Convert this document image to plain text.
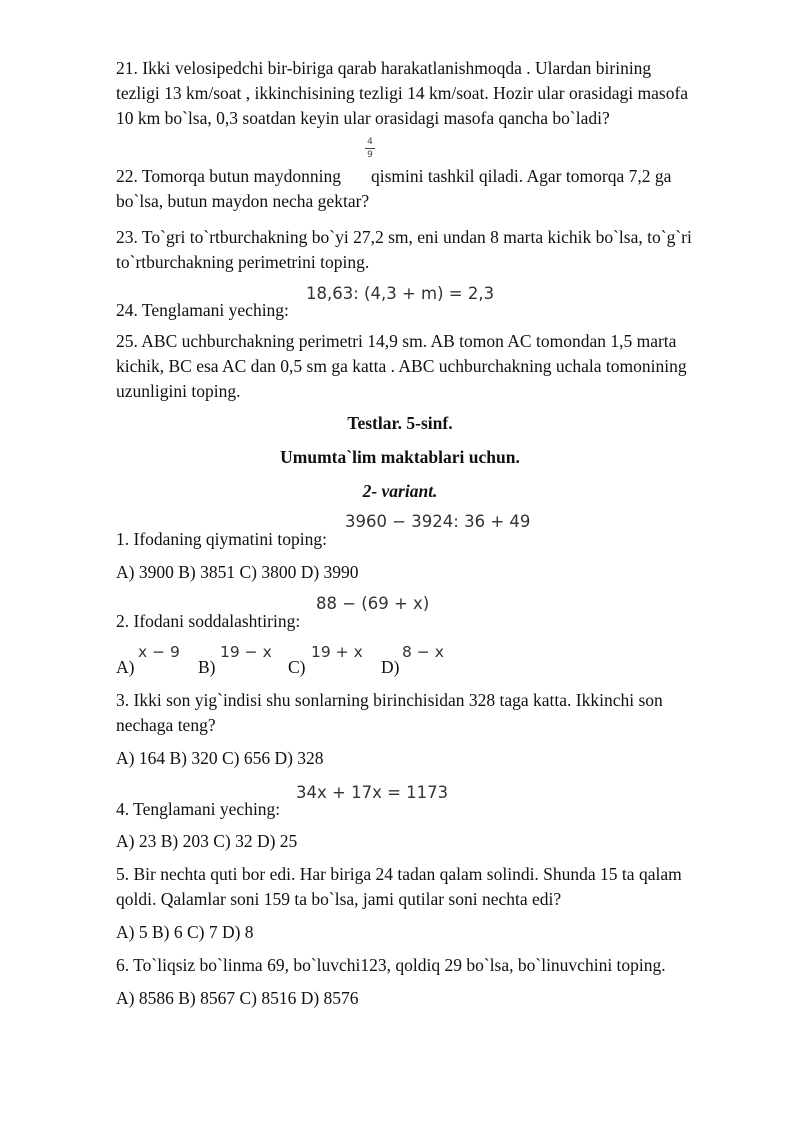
21. Ikki velosipedchi bir-biriga qarab harakatlanishmoqda . Ulardan birining
tezligi 13 km/soat , ikkinchisining tezligi 14 km/soat. Hozir ular orasidagi masofa
10 km bo`lsa, 0,3 soatdan keyin ular orasidagi masofa qancha bo`ladi?
4
9
22. Tomorqa butun maydonning qismini tashkil qiladi. Agar tomorqa 7,2 ga
bo`lsa, butun maydon necha gektar?
23. To`gri to`rtburchakning bo`yi 27,2 sm, eni undan 8 marta kichik bo`lsa, to`g`ri
to`rtburchakning perimetrini toping.
18,63: (4,3 + m) = 2,3
24. Tenglamani yeching:
25. ABC uchburchakning perimetri 14,9 sm. AB tomon AC tomondan 1,5 marta
kichik, BC esa AC dan 0,5 sm ga katta . ABC uchburchakning uchala tomonining
uzunligini toping.
Testlar. 5-sinf.
Umumta`lim maktablari uchun.
2- variant.
3960 − 3924: 36 + 49
1. Ifodaning qiymatini toping:
A) 3900 B) 3851 C) 3800 D) 3990
88 − (69 + x)
2. Ifodani soddalashtiring:
A)
x − 9
B)
19 − x
C)
19 + x
D)
8 − x
3. Ikki son yig`indisi shu sonlarning birinchisidan 328 taga katta. Ikkinchi son
nechaga teng?
A) 164 B) 320 C) 656 D) 328
34x + 17x = 1173
4. Tenglamani yeching:
A) 23 B) 203 C) 32 D) 25
5. Bir nechta quti bor edi. Har biriga 24 tadan qalam solindi. Shunda 15 ta qalam
qoldi. Qalamlar soni 159 ta bo`lsa, jami qutilar soni nechta edi?
A) 5 B) 6 C) 7 D) 8
6. To`liqsiz bo`linma 69, bo`luvchi123, qoldiq 29 bo`lsa, bo`linuvchini toping.
A) 8586 B) 8567 C) 8516 D) 8576
